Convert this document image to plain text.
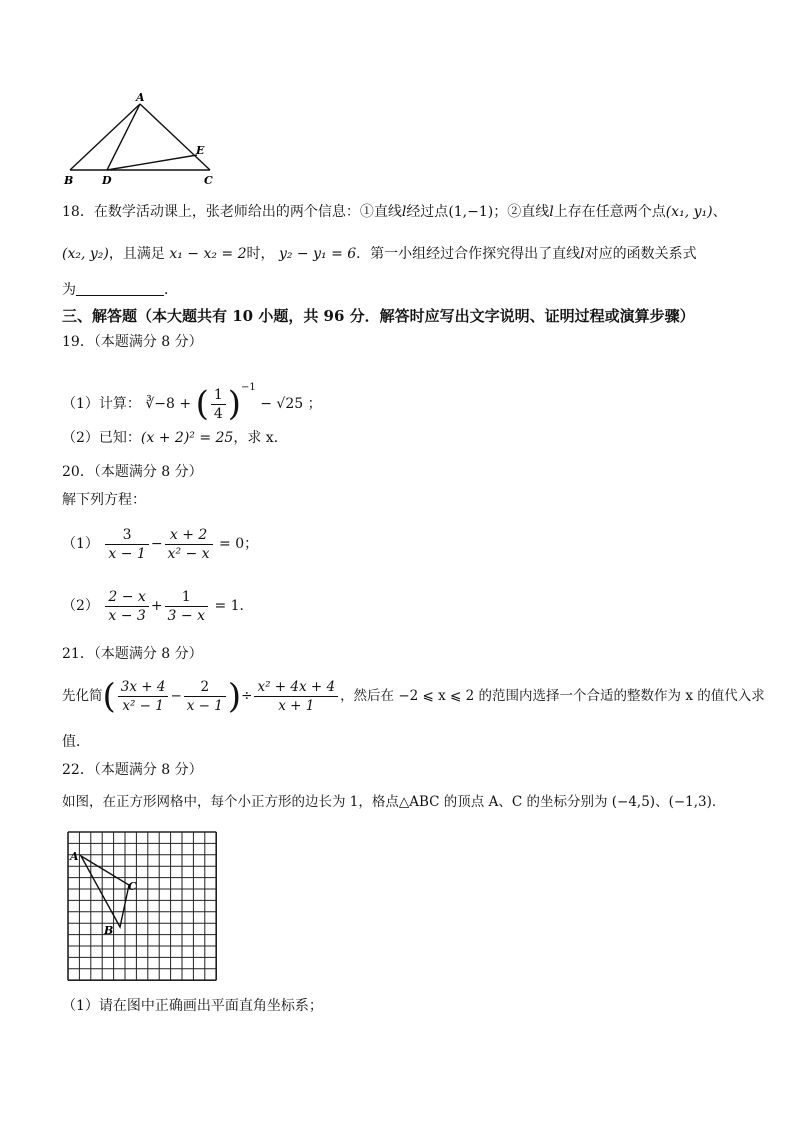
A
B	D
E
C
18．在数学活动课上，张老师给出的两个信息：①直线l经过点(1,−1)；②直线l上存在任意两个点(x₁, y₁)、
(x₂, y₂)，且满足 x₁ − x₂ = 2时， y₂ − y₁ = 6．第一小组经过合作探究得出了直线l对应的函数关系式
为	．
三、解答题（本大题共有 10 小题，共 96 分．解答时应写出文字说明、证明过程或演算步骤）
19．（本题满分 8 分）
（1）计算： ∛−8 + ( $\frac{1}{4} )^{-1} - √25$ ；
（2）已知：(x + 2)² = 25，求 x．
20．（本题满分 8 分）
解下列方程：
$(1) \frac{3}{x - 1} - \frac{x + 2}{\text{x² − x}} = 0$；
$(2) \frac{2 - x}{x - 3} + \frac{1}{3 - x} = 1$．
21．（本题满分 8 分）
先化简( $\frac{3x + 4}{\text{x² − 1}} - \frac{2}{x - 1}$ )÷ $\frac{\text{x² + 4x + 4}}{x + 1}$ ，然后在 −2 ⩽ x ⩽ 2 的范围内选择一个合适的整数作为 x 的值代入求
值．
22．（本题满分 8 分）
如图，在正方形网格中，每个小正方形的边长为 1，格点△ABC 的顶点 A、C 的坐标分别为 (−4,5)、(−1,3)．
A
B
C
（1）请在图中正确画出平面直角坐标系；
